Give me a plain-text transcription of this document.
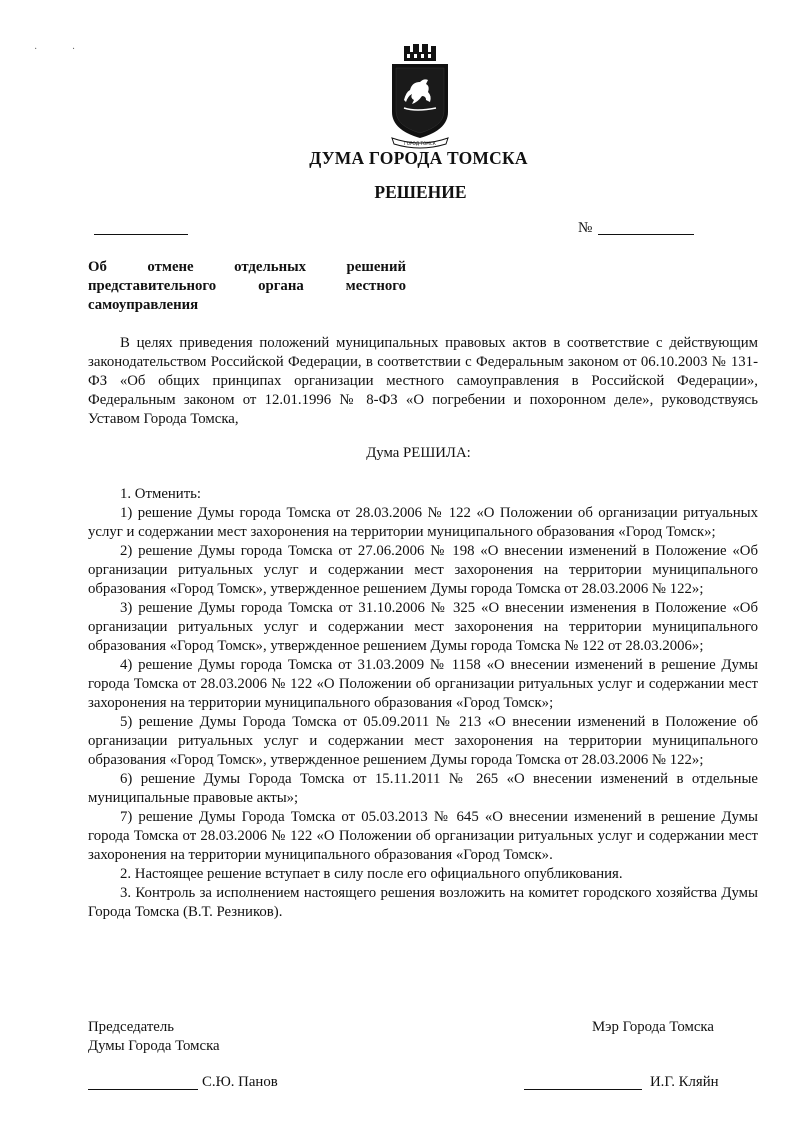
· ·
ГОРОД ТОМСК
ДУМА ГОРОДА ТОМСКА
РЕШЕНИЕ
№
Об отмене отдельных решений
представительного органа местного
самоуправления

В целях приведения положений муниципальных правовых актов в соответствие с действующим законодательством Российской Федерации, в соответствии с Федеральным законом от 06.10.2003 № 131-ФЗ «Об общих принципах организации местного самоуправления в Российской Федерации», Федеральным законом от 12.01.1996 № 8-ФЗ «О погребении и похоронном деле», руководствуясь Уставом Города Томска,

Дума РЕШИЛА:

1. Отменить:

1) решение Думы города Томска от 28.03.2006 № 122 «О Положении об организации ритуальных услуг и содержании мест захоронения на территории муниципального образования «Город Томск»;

2) решение Думы города Томска от 27.06.2006 № 198 «О внесении изменений в Положение «Об организации ритуальных услуг и содержании мест захоронения на территории муниципального образования «Город Томск», утвержденное решением Думы города Томска от 28.03.2006 № 122»;

3) решение Думы города Томска от 31.10.2006 № 325 «О внесении изменения в Положение «Об организации ритуальных услуг и содержании мест захоронения на территории муниципального образования «Город Томск», утвержденное решением Думы города Томска № 122 от 28.03.2006»;

4) решение Думы города Томска от 31.03.2009 № 1158 «О внесении изменений в решение Думы города Томска от 28.03.2006 № 122 «О Положении об организации ритуальных услуг и содержании мест захоронения на территории муниципального образования «Город Томск»;

5) решение Думы Города Томска от 05.09.2011 № 213 «О внесении изменений в Положение об организации ритуальных услуг и содержании мест захоронения на территории муниципального образования «Город Томск», утвержденное решением Думы города Томска от 28.03.2006 № 122»;

6) решение Думы Города Томска от 15.11.2011 № 265 «О внесении изменений в отдельные муниципальные правовые акты»;

7) решение Думы Города Томска от 05.03.2013 № 645 «О внесении изменений в решение Думы города Томска от 28.03.2006 № 122 «О Положении об организации ритуальных услуг и содержании мест захоронения на территории муниципального образования «Город Томск».

2. Настоящее решение вступает в силу после его официального опубликования.

3. Контроль за исполнением настоящего решения возложить на комитет городского хозяйства Думы Города Томска (В.Т. Резников).

Председатель
Думы Города Томска
Мэр Города Томска
С.Ю. Панов	И.Г. Кляйн
